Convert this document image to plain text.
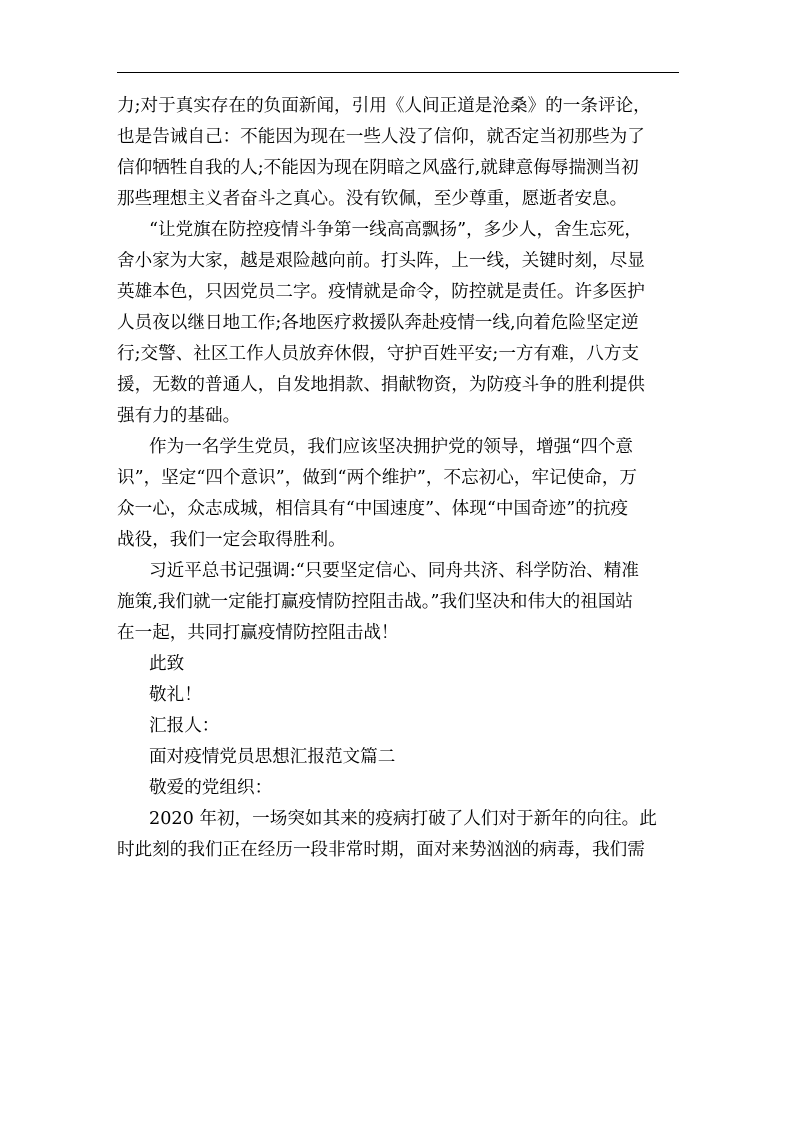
力;对于真实存在的负面新闻，引用《人间正道是沧桑》的一条评论，
也是告诫自己：不能因为现在一些人没了信仰，就否定当初那些为了
信仰牺牲自我的人;不能因为现在阴暗之风盛行,就肆意侮辱揣测当初
那些理想主义者奋斗之真心。没有钦佩，至少尊重，愿逝者安息。
“让党旗在防控疫情斗争第一线高高飘扬”，多少人，舍生忘死，
舍小家为大家，越是艰险越向前。打头阵，上一线，关键时刻，尽显
英雄本色，只因党员二字。疫情就是命令，防控就是责任。许多医护
人员夜以继日地工作;各地医疗救援队奔赴疫情一线,向着危险坚定逆
行;交警、社区工作人员放弃休假，守护百姓平安;一方有难，八方支
援，无数的普通人，自发地捐款、捐献物资，为防疫斗争的胜利提供
强有力的基础。
作为一名学生党员，我们应该坚决拥护党的领导，增强“四个意
识”，坚定“四个意识”，做到“两个维护”，不忘初心，牢记使命，万
众一心，众志成城，相信具有“中国速度”、体现“中国奇迹”的抗疫
战役，我们一定会取得胜利。
习近平总书记强调:“只要坚定信心、同舟共济、科学防治、精准
施策,我们就一定能打赢疫情防控阻击战。”我们坚决和伟大的祖国站
在一起，共同打赢疫情防控阻击战！
此致
敬礼！
汇报人：
面对疫情党员思想汇报范文篇二
敬爱的党组织：
2020 年初，一场突如其来的疫病打破了人们对于新年的向往。此
时此刻的我们正在经历一段非常时期，面对来势汹汹的病毒，我们需
